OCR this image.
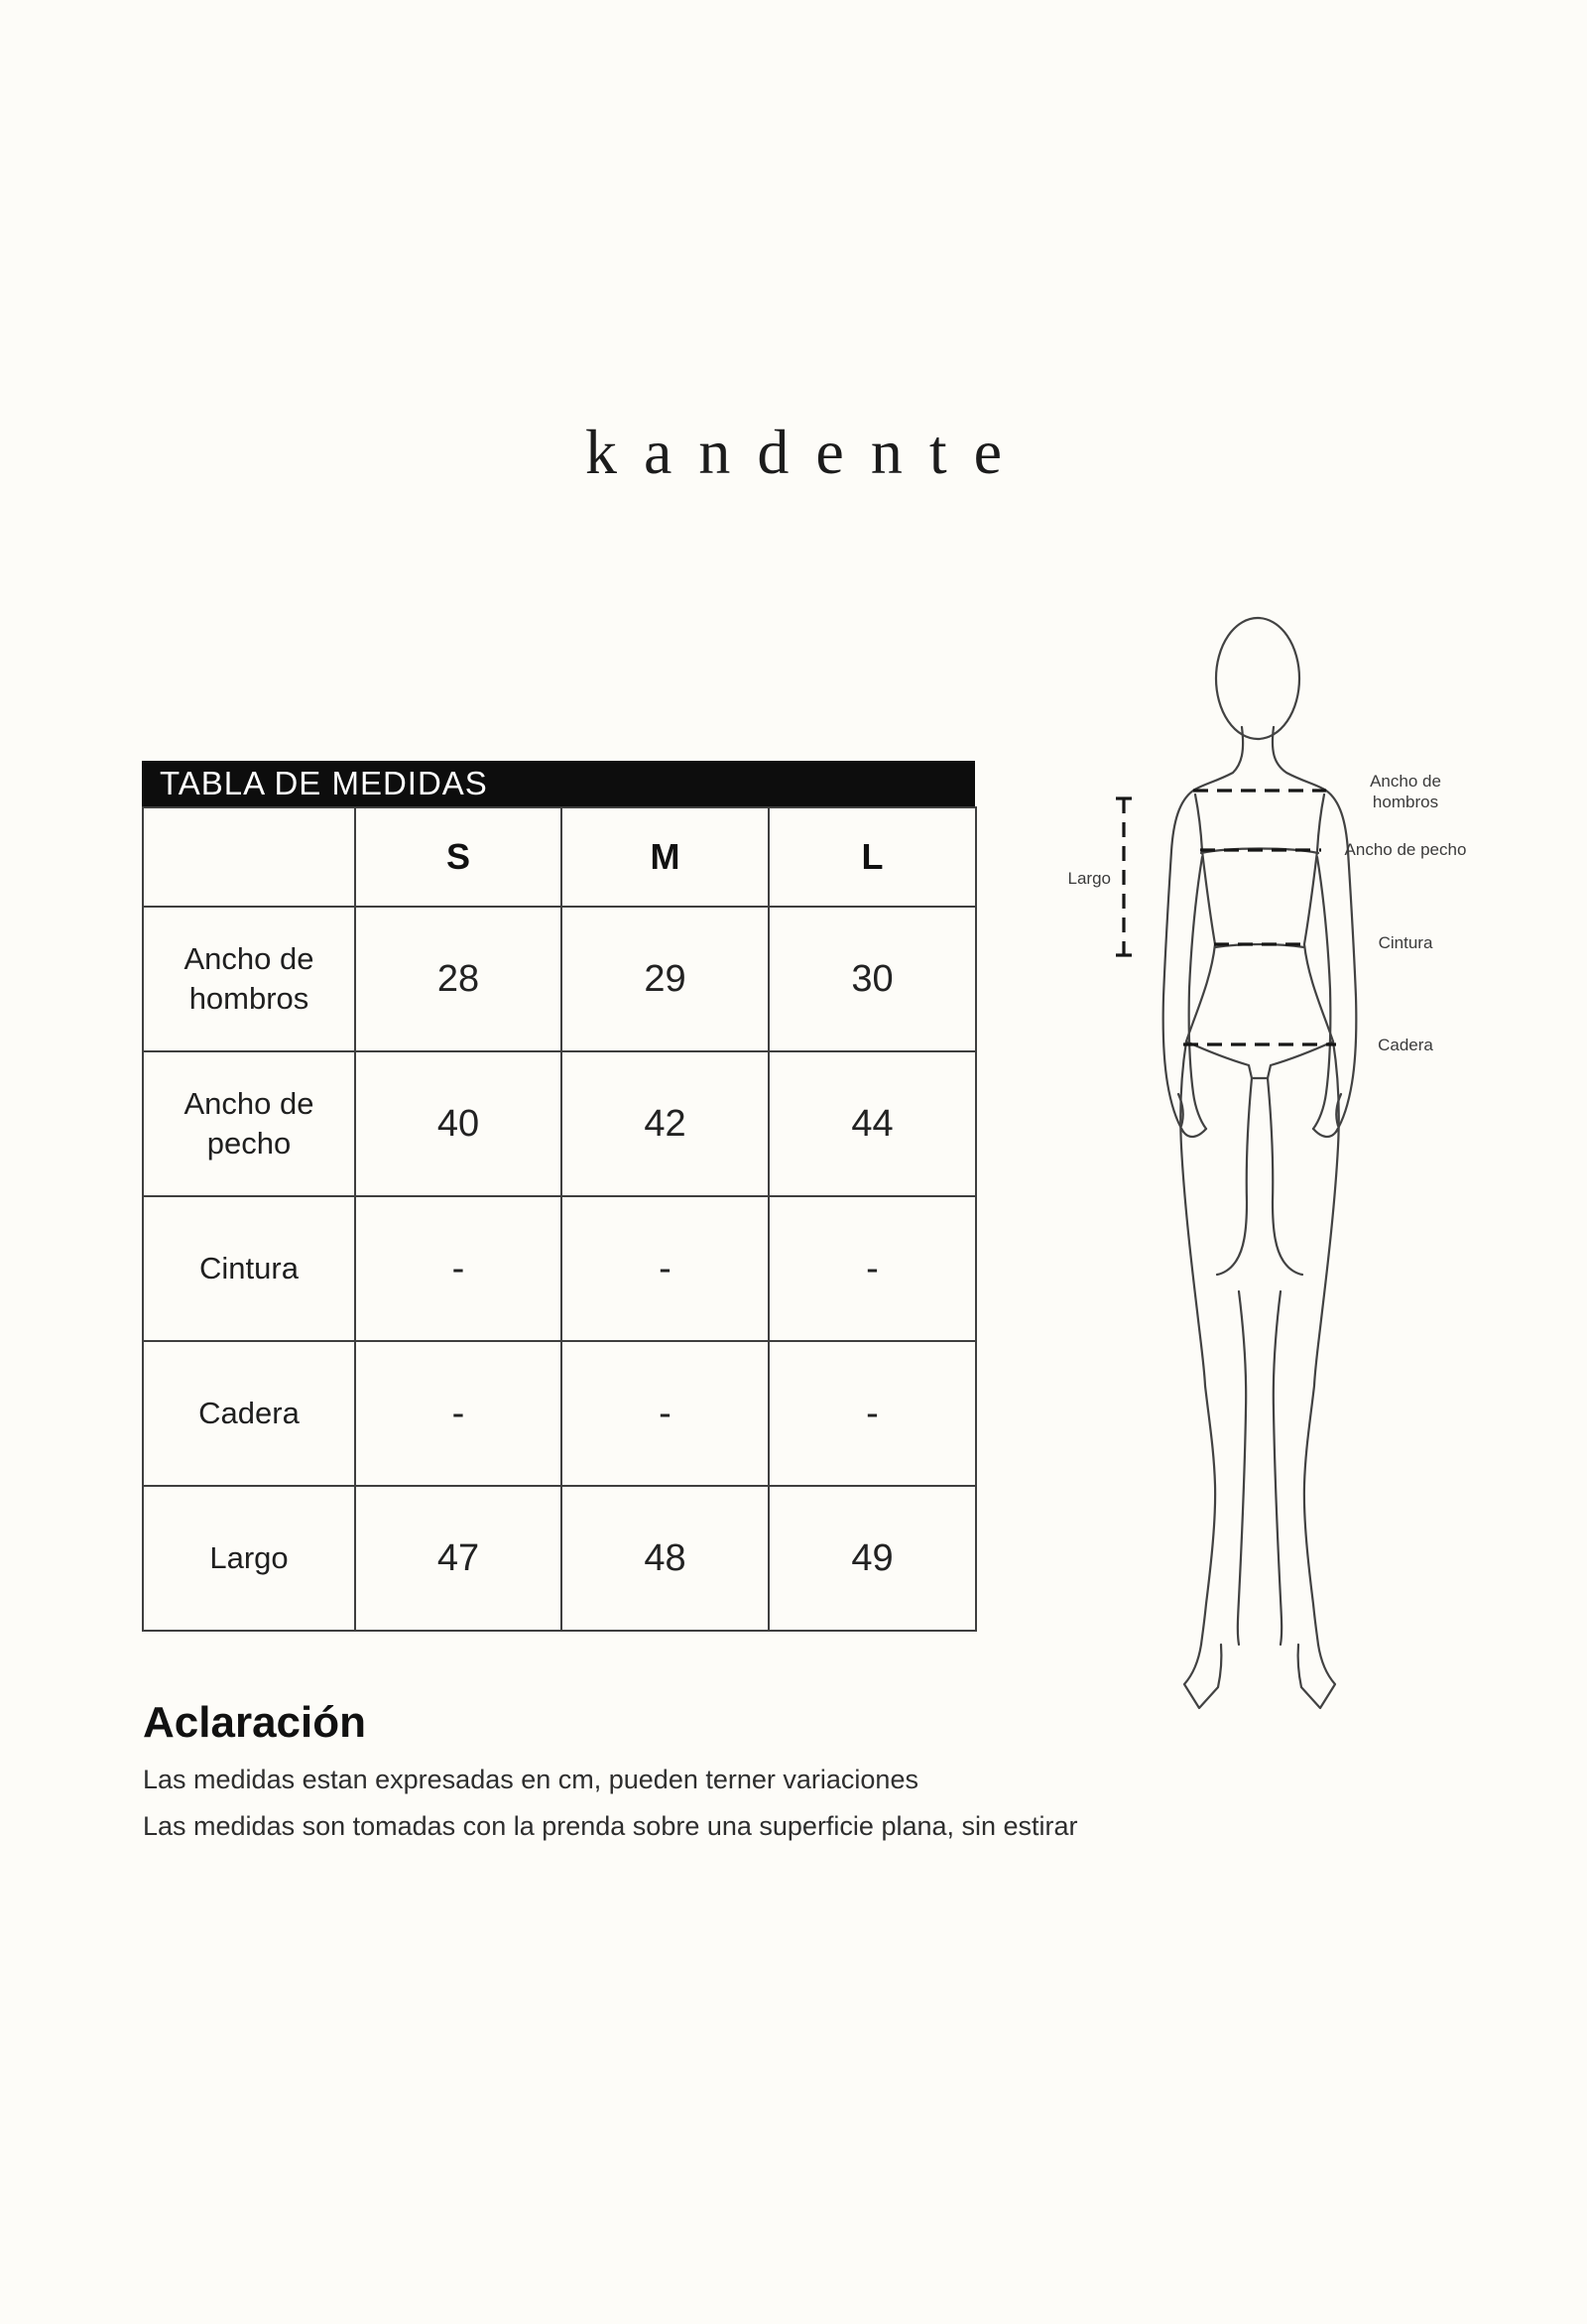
kandente
TABLA DE MEDIDAS
	S	M	L
Ancho de hombros	28	29	30
Ancho de pecho	40	42	44
Cintura	-	-	-
Cadera	-	-	-
Largo	47	48	49
Ancho de hombros
Ancho de pecho
Cintura
Cadera
Largo
Aclaración
Las medidas estan expresadas en cm, pueden terner variaciones
Las medidas son tomadas con la prenda sobre una superficie plana, sin estirar
